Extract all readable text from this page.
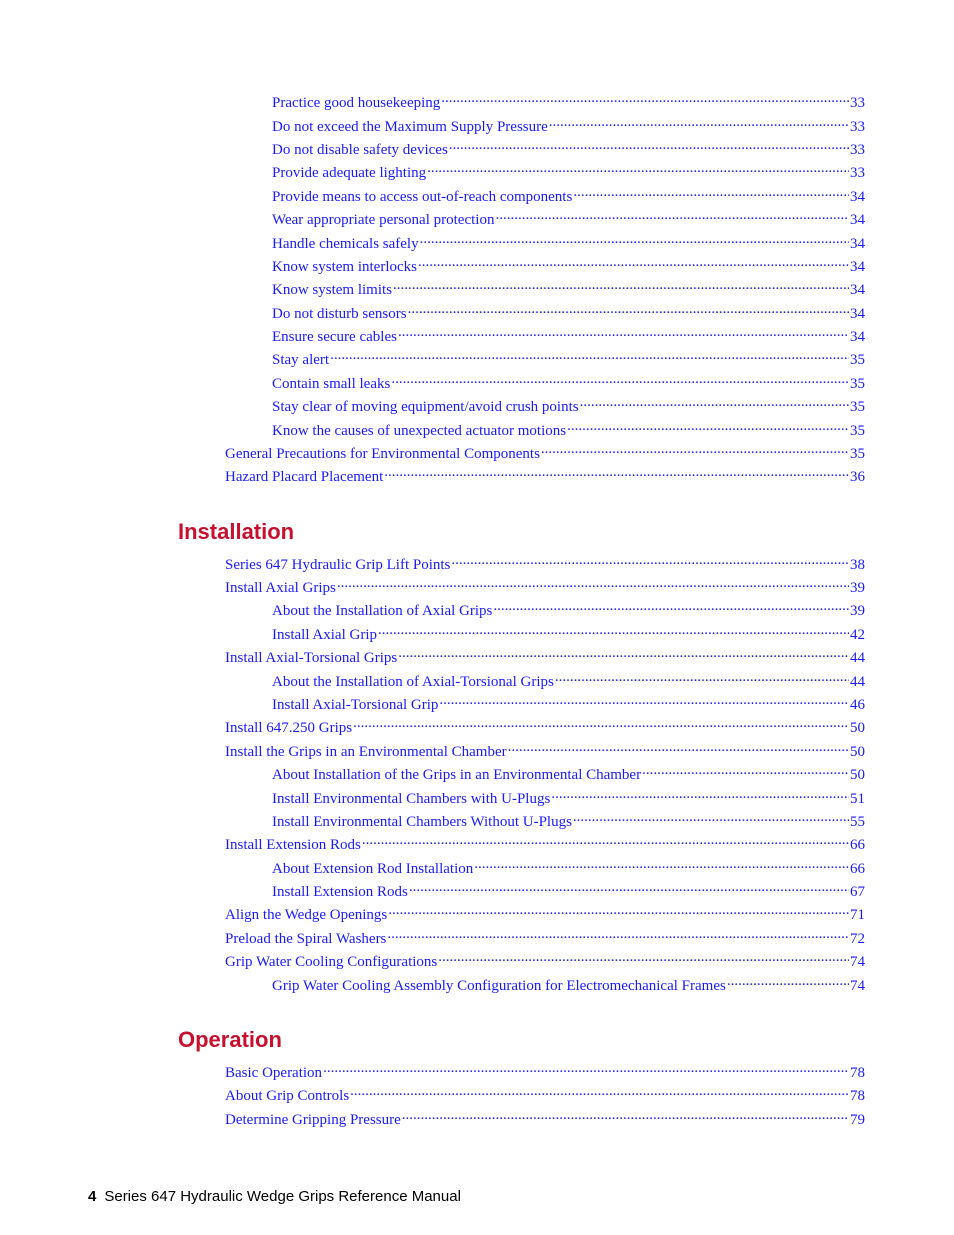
Practice good housekeeping .....	33
Do not exceed the Maximum Supply Pressure .....	33
Do not disable safety devices .....	33
Provide adequate lighting .....	33
Provide means to access out-of-reach components .....	34
Wear appropriate personal protection .....	34
Handle chemicals safely .....	34
Know system interlocks .....	34
Know system limits .....	34
Do not disturb sensors .....	34
Ensure secure cables .....	34
Stay alert .....	35
Contain small leaks .....	35
Stay clear of moving equipment/avoid crush points .....	35
Know the causes of unexpected actuator motions .....	35
General Precautions for Environmental Components .....	35
Hazard Placard Placement .....	36
Installation
Series 647 Hydraulic Grip Lift Points .....	38
Install Axial Grips .....	39
About the Installation of Axial Grips .....	39
Install Axial Grip .....	42
Install Axial-Torsional Grips .....	44
About the Installation of Axial-Torsional Grips .....	44
Install Axial-Torsional Grip .....	46
Install 647.250 Grips .....	50
Install the Grips in an Environmental Chamber .....	50
About Installation of the Grips in an Environmental Chamber .....	50
Install Environmental Chambers with U-Plugs .....	51
Install Environmental Chambers Without U-Plugs .....	55
Install Extension Rods .....	66
About Extension Rod Installation .....	66
Install Extension Rods .....	67
Align the Wedge Openings .....	71
Preload the Spiral Washers .....	72
Grip Water Cooling Configurations .....	74
Grip Water Cooling Assembly Configuration for Electromechanical Frames .....	74
Operation
Basic Operation .....	78
About Grip Controls .....	78
Determine Gripping Pressure .....	79
4 Series 647 Hydraulic Wedge Grips Reference Manual
